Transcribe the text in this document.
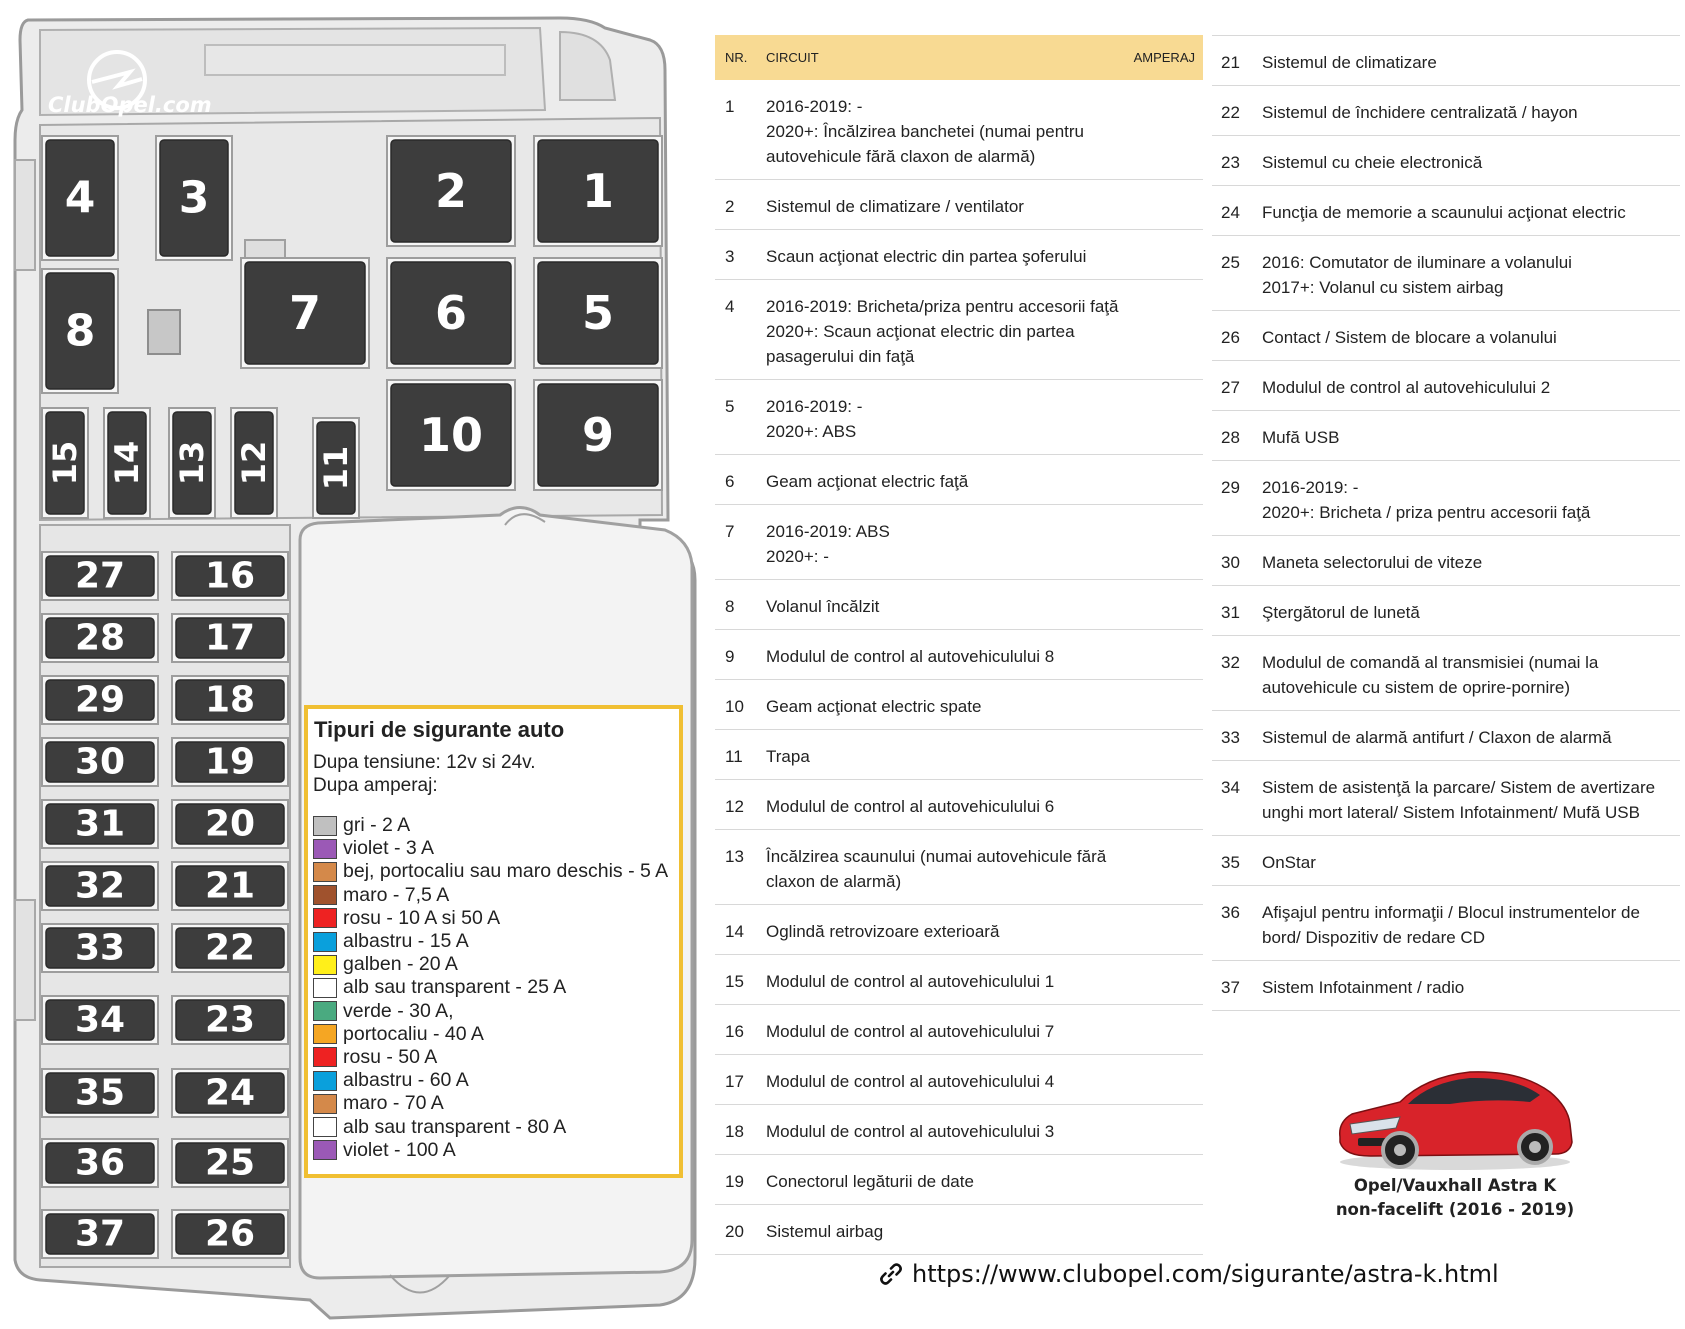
ClubOpel.com
1
2
5
6
7
9
10
4 3
8
15 14 13 12 11
27 16
28 17
29 18
30 19
31 20
32 21
33 22
34 23
35 24
36 25
37 26
Tipuri de sigurante auto
Dupa tensiune: 12v si 24v.
Dupa amperaj:
gri - 2 A
violet - 3 A
bej, portocaliu sau maro deschis - 5 A
maro - 7,5 A
rosu - 10 A si 50 A
albastru - 15 A
galben - 20 A
alb sau transparent - 25 A
verde - 30 A,
portocaliu - 40 A
rosu - 50 A
albastru - 60 A
maro - 70 A
alb sau transparent - 80 A
violet - 100 A
NR.	CIRCUIT	AMPERAJ

1	2016-2019: -
2020+: Încălzirea banchetei (numai pentru autovehicule fără claxon de alarmă)	

2	Sistemul de climatizare / ventilator	

3	Scaun acţionat electric din partea şoferului	

4	2016-2019: Bricheta/priza pentru accesorii faţă
2020+: Scaun acţionat electric din partea pasagerului din faţă	

5	2016-2019: -
2020+: ABS	

6	Geam acţionat electric faţă	

7	2016-2019: ABS
2020+: -	

8	Volanul încălzit	

9	Modulul de control al autovehiculului 8	

10	Geam acţionat electric spate	

11	Trapa	

12	Modulul de control al autovehiculului 6	

13	Încălzirea scaunului (numai autovehicule fără claxon de alarmă)	

14	Oglindă retrovizoare exterioară	

15	Modulul de control al autovehiculului 1	

16	Modulul de control al autovehiculului 7	

17	Modulul de control al autovehiculului 4	

18	Modulul de control al autovehiculului 3	

19	Conectorul legăturii de date	

20	Sistemul airbag	

21	Sistemul de climatizare

22	Sistemul de închidere centralizată / hayon

23	Sistemul cu cheie electronică

24	Funcţia de memorie a scaunului acţionat electric

25	2016: Comutator de iluminare a volanului
2017+: Volanul cu sistem airbag

26	Contact / Sistem de blocare a volanului

27	Modulul de control al autovehiculului 2

28	Mufă USB

29	2016-2019: -
2020+: Bricheta / priza pentru accesorii faţă

30	Maneta selectorului de viteze

31	Ştergătorul de lunetă

32	Modulul de comandă al transmisiei (numai la autovehicule cu sistem de oprire-pornire)

33	Sistemul de alarmă antifurt / Claxon de alarmă

34	Sistem de asistenţă la parcare/ Sistem de avertizare unghi mort lateral/ Sistem Infotainment/ Mufă USB

35	OnStar

36	Afişajul pentru informaţii / Blocul instrumentelor de bord/ Dispozitiv de redare CD

37	Sistem Infotainment / radio
Opel/Vauxhall Astra K
non-facelift (2016 - 2019)
https://www.clubopel.com/sigurante/astra-k.html
